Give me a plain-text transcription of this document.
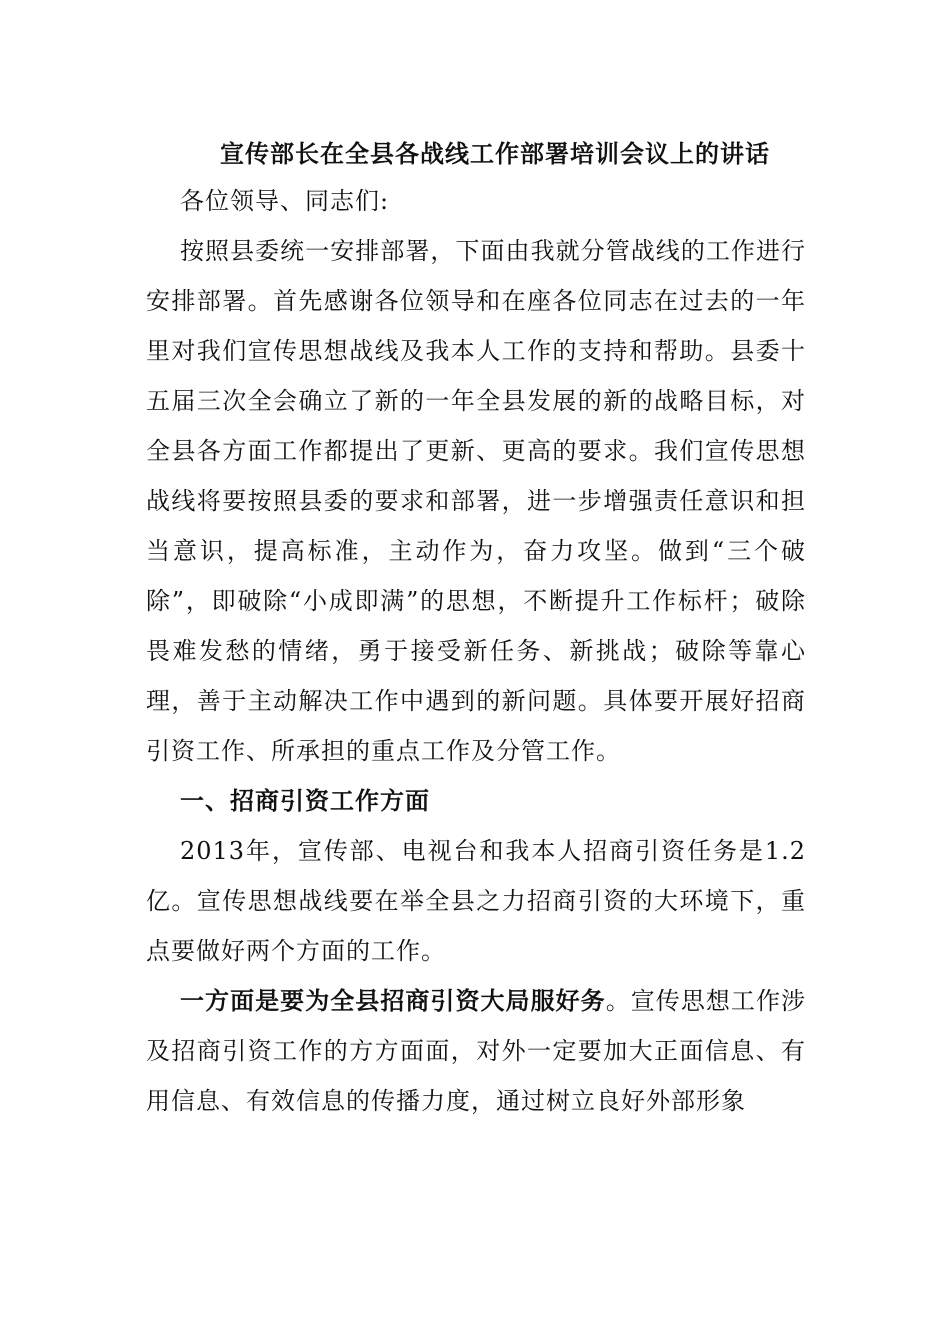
宣传部长在全县各战线工作部署培训会议上的讲话

各位领导、同志们:

按照县委统一安排部署，下面由我就分管战线的工作进行安排部署。首先感谢各位领导和在座各位同志在过去的一年里对我们宣传思想战线及我本人工作的支持和帮助。县委十五届三次全会确立了新的一年全县发展的新的战略目标，对全县各方面工作都提出了更新、更高的要求。我们宣传思想战线将要按照县委的要求和部署，进一步增强责任意识和担当意识，提高标准，主动作为，奋力攻坚。做到“三个破除”，即破除“小成即满”的思想，不断提升工作标杆；破除畏难发愁的情绪，勇于接受新任务、新挑战；破除等靠心理，善于主动解决工作中遇到的新问题。具体要开展好招商引资工作、所承担的重点工作及分管工作。

一、招商引资工作方面

2013年，宣传部、电视台和我本人招商引资任务是1.2亿。宣传思想战线要在举全县之力招商引资的大环境下，重点要做好两个方面的工作。

一方面是要为全县招商引资大局服好务。宣传思想工作涉及招商引资工作的方方面面，对外一定要加大正面信息、有用信息、有效信息的传播力度，通过树立良好外部形象
